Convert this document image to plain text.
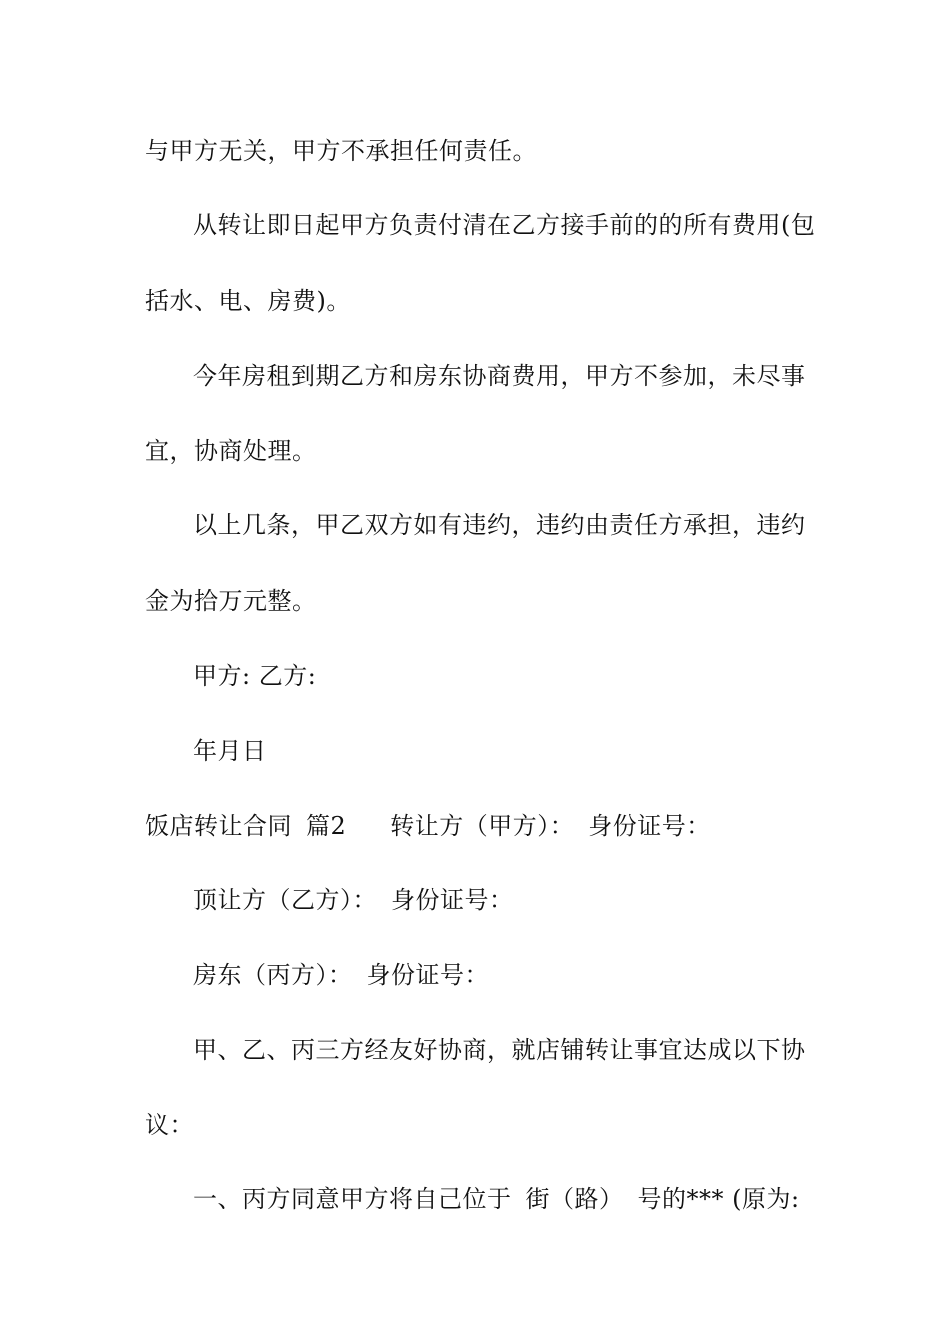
与甲方无关，甲方不承担任何责任。
从转让即日起甲方负责付清在乙方接手前的的所有费用(包
括水、电、房费)。
今年房租到期乙方和房东协商费用，甲方不参加，未尽事
宜，协商处理。
以上几条，甲乙双方如有违约，违约由责任方承担，违约
金为拾万元整。
甲方: 乙方:
年月日
饭店转让合同 篇2 转让方（甲方）： 身份证号：
顶让方（乙方）： 身份证号：
房东（丙方）： 身份证号：
甲、乙、丙三方经友好协商，就店铺转让事宜达成以下协
议：
一、丙方同意甲方将自己位于 街（路） 号的*** (原为:
